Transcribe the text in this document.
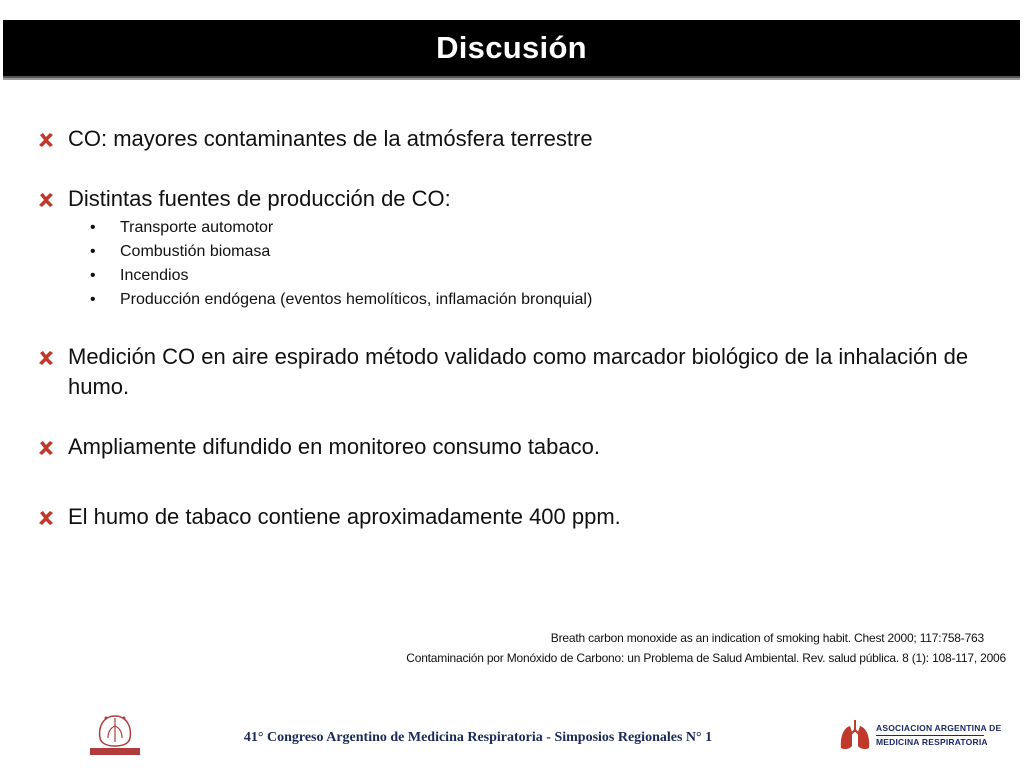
Discusión
CO: mayores contaminantes de la atmósfera terrestre
Distintas fuentes de producción de CO:
• Transporte automotor
• Combustión biomasa
• Incendios
• Producción endógena (eventos hemolíticos, inflamación bronquial)
Medición CO en aire espirado método validado como marcador biológico de la inhalación de humo.
Ampliamente difundido en monitoreo consumo tabaco.
El humo de tabaco contiene aproximadamente 400 ppm.
Breath carbon monoxide as an indication of smoking habit. Chest 2000; 117:758-763
Contaminación por Monóxido de Carbono: un Problema de Salud Ambiental. Rev. salud pública. 8 (1): 108-117, 2006
41° Congreso Argentino de Medicina Respiratoria - Simposios Regionales N° 1
ASOCIACION ARGENTINA DE
MEDICINA RESPIRATORIA
